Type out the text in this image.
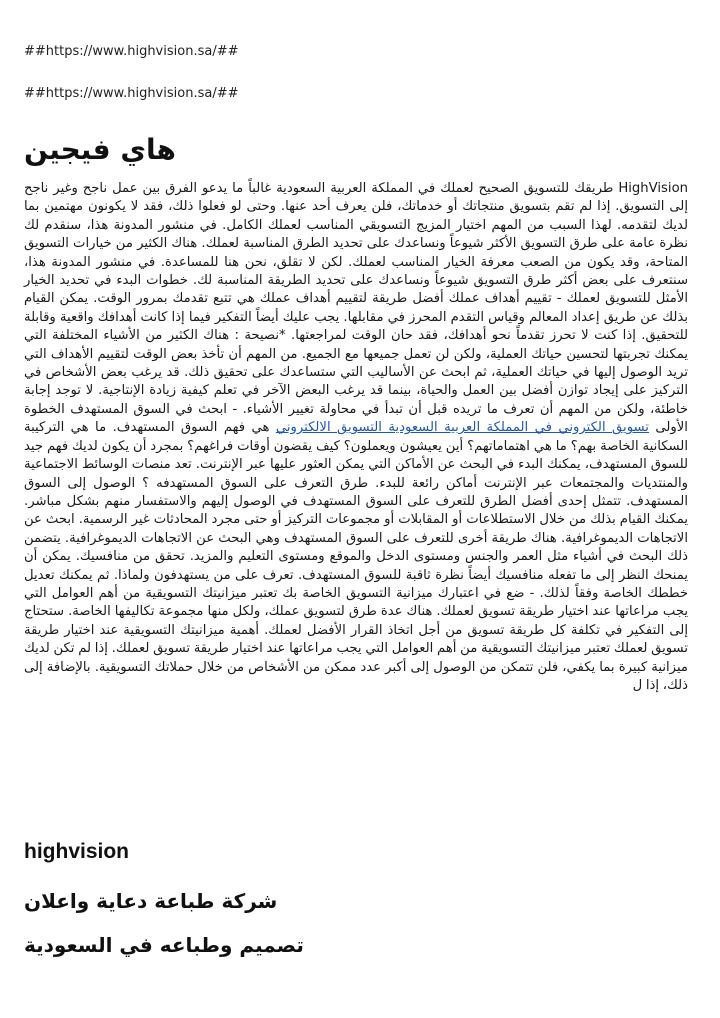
##https://www.highvision.sa/##

##https://www.highvision.sa/##

هاي فيجين

HighVision طريقك للتسويق الصحيح لعملك في المملكة العربية السعودية غالباً ما يدعو الفرق بين عمل ناجح وغير ناجح إلى التسويق. إذا لم تقم بتسويق منتجاتك أو خدماتك، فلن يعرف أحد عنها. وحتى لو فعلوا ذلك، فقد لا يكونون مهتمين بما لديك لتقدمه. لهذا السبب من المهم اختيار المزيج التسويقي المناسب لعملك الكامل. في منشور المدونة هذا، سنقدم لك نظرة عامة على طرق التسويق الأكثر شيوعاً ونساعدك على تحديد الطرق المناسبة لعملك. هناك الكثير من خيارات التسويق المتاحة، وقد يكون من الصعب معرفة الخيار المناسب لعملك. لكن لا تقلق، نحن هنا للمساعدة. في منشور المدونة هذا، سنتعرف على بعض أكثر طرق التسويق شيوعاً ونساعدك على تحديد الطريقة المناسبة لك. خطوات البدء في تحديد الخيار الأمثل للتسويق لعملك - تقييم أهداف عملك أفضل طريقة لتقييم أهداف عملك هي تتبع تقدمك بمرور الوقت. يمكن القيام بذلك عن طريق إعداد المعالم وقياس التقدم المحرز في مقابلها. يجب عليك أيضاً التفكير فيما إذا كانت أهدافك واقعية وقابلة للتحقيق. إذا كنت لا تحرز تقدماً نحو أهدافك، فقد حان الوقت لمراجعتها. *نصيحة : هناك الكثير من الأشياء المختلفة التي يمكنك تجربتها لتحسين حياتك العملية، ولكن لن تعمل جميعها مع الجميع. من المهم أن تأخذ بعض الوقت لتقييم الأهداف التي تريد الوصول إليها في حياتك العملية، ثم ابحث عن الأساليب التي ستساعدك على تحقيق ذلك. قد يرغب بعض الأشخاص في التركيز على إيجاد توازن أفضل بين العمل والحياة، بينما قد يرغب البعض الآخر في تعلم كيفية زيادة الإنتاجية. لا توجد إجابة خاطئة، ولكن من المهم أن تعرف ما تريده قبل أن تبدأ في محاولة تغيير الأشياء. - ابحث في السوق المستهدف الخطوة الأولى تسويق الكتروني في المملكة العربية السعودية التسويق الالكتروني هي فهم السوق المستهدف. ما هي التركيبة السكانية الخاصة بهم؟ ما هي اهتماماتهم؟ أين يعيشون ويعملون؟ كيف يقضون أوقات فراغهم؟ بمجرد أن يكون لديك فهم جيد للسوق المستهدف، يمكنك البدء في البحث عن الأماكن التي يمكن العثور عليها عبر الإنترنت. تعد منصات الوسائط الاجتماعية والمنتديات والمجتمعات عبر الإنترنت أماكن رائعة للبدء. طرق التعرف على السوق المستهدفه ؟ الوصول إلى السوق المستهدف. تتمثل إحدى أفضل الطرق للتعرف على السوق المستهدف في الوصول إليهم والاستفسار منهم بشكل مباشر. يمكنك القيام بذلك من خلال الاستطلاعات أو المقابلات أو مجموعات التركيز أو حتى مجرد المحادثات غير الرسمية. ابحث عن الاتجاهات الديموغرافية. هناك طريقة أخرى للتعرف على السوق المستهدف وهي البحث عن الاتجاهات الديموغرافية. يتضمن ذلك البحث في أشياء مثل العمر والجنس ومستوى الدخل والموقع ومستوى التعليم والمزيد. تحقق من منافسيك. يمكن أن يمنحك النظر إلى ما تفعله منافسيك أيضاً نظرة ثاقبة للسوق المستهدف. تعرف على من يستهدفون ولماذا. ثم يمكنك تعديل خططك الخاصة وفقاً لذلك. - ضع في اعتبارك ميزانية التسويق الخاصة بك تعتبر ميزانيتك التسويقية من أهم العوامل التي يجب مراعاتها عند اختيار طريقة تسويق لعملك. هناك عدة طرق لتسويق عملك، ولكل منها مجموعة تكاليفها الخاصة. ستحتاج إلى التفكير في تكلفة كل طريقة تسويق من أجل اتخاذ القرار الأفضل لعملك. أهمية ميزانيتك التسويقية عند اختيار طريقة تسويق لعملك تعتبر ميزانيتك التسويقية من أهم العوامل التي يجب مراعاتها عند اختيار طريقة تسويق لعملك. إذا لم تكن لديك ميزانية كبيرة بما يكفي، فلن تتمكن من الوصول إلى أكبر عدد ممكن من الأشخاص من خلال حملاتك التسويقية. بالإضافة إلى ذلك، إذا ل

highvision
شركة طباعة دعاية واعلان
تصميم وطباعه في السعودية
